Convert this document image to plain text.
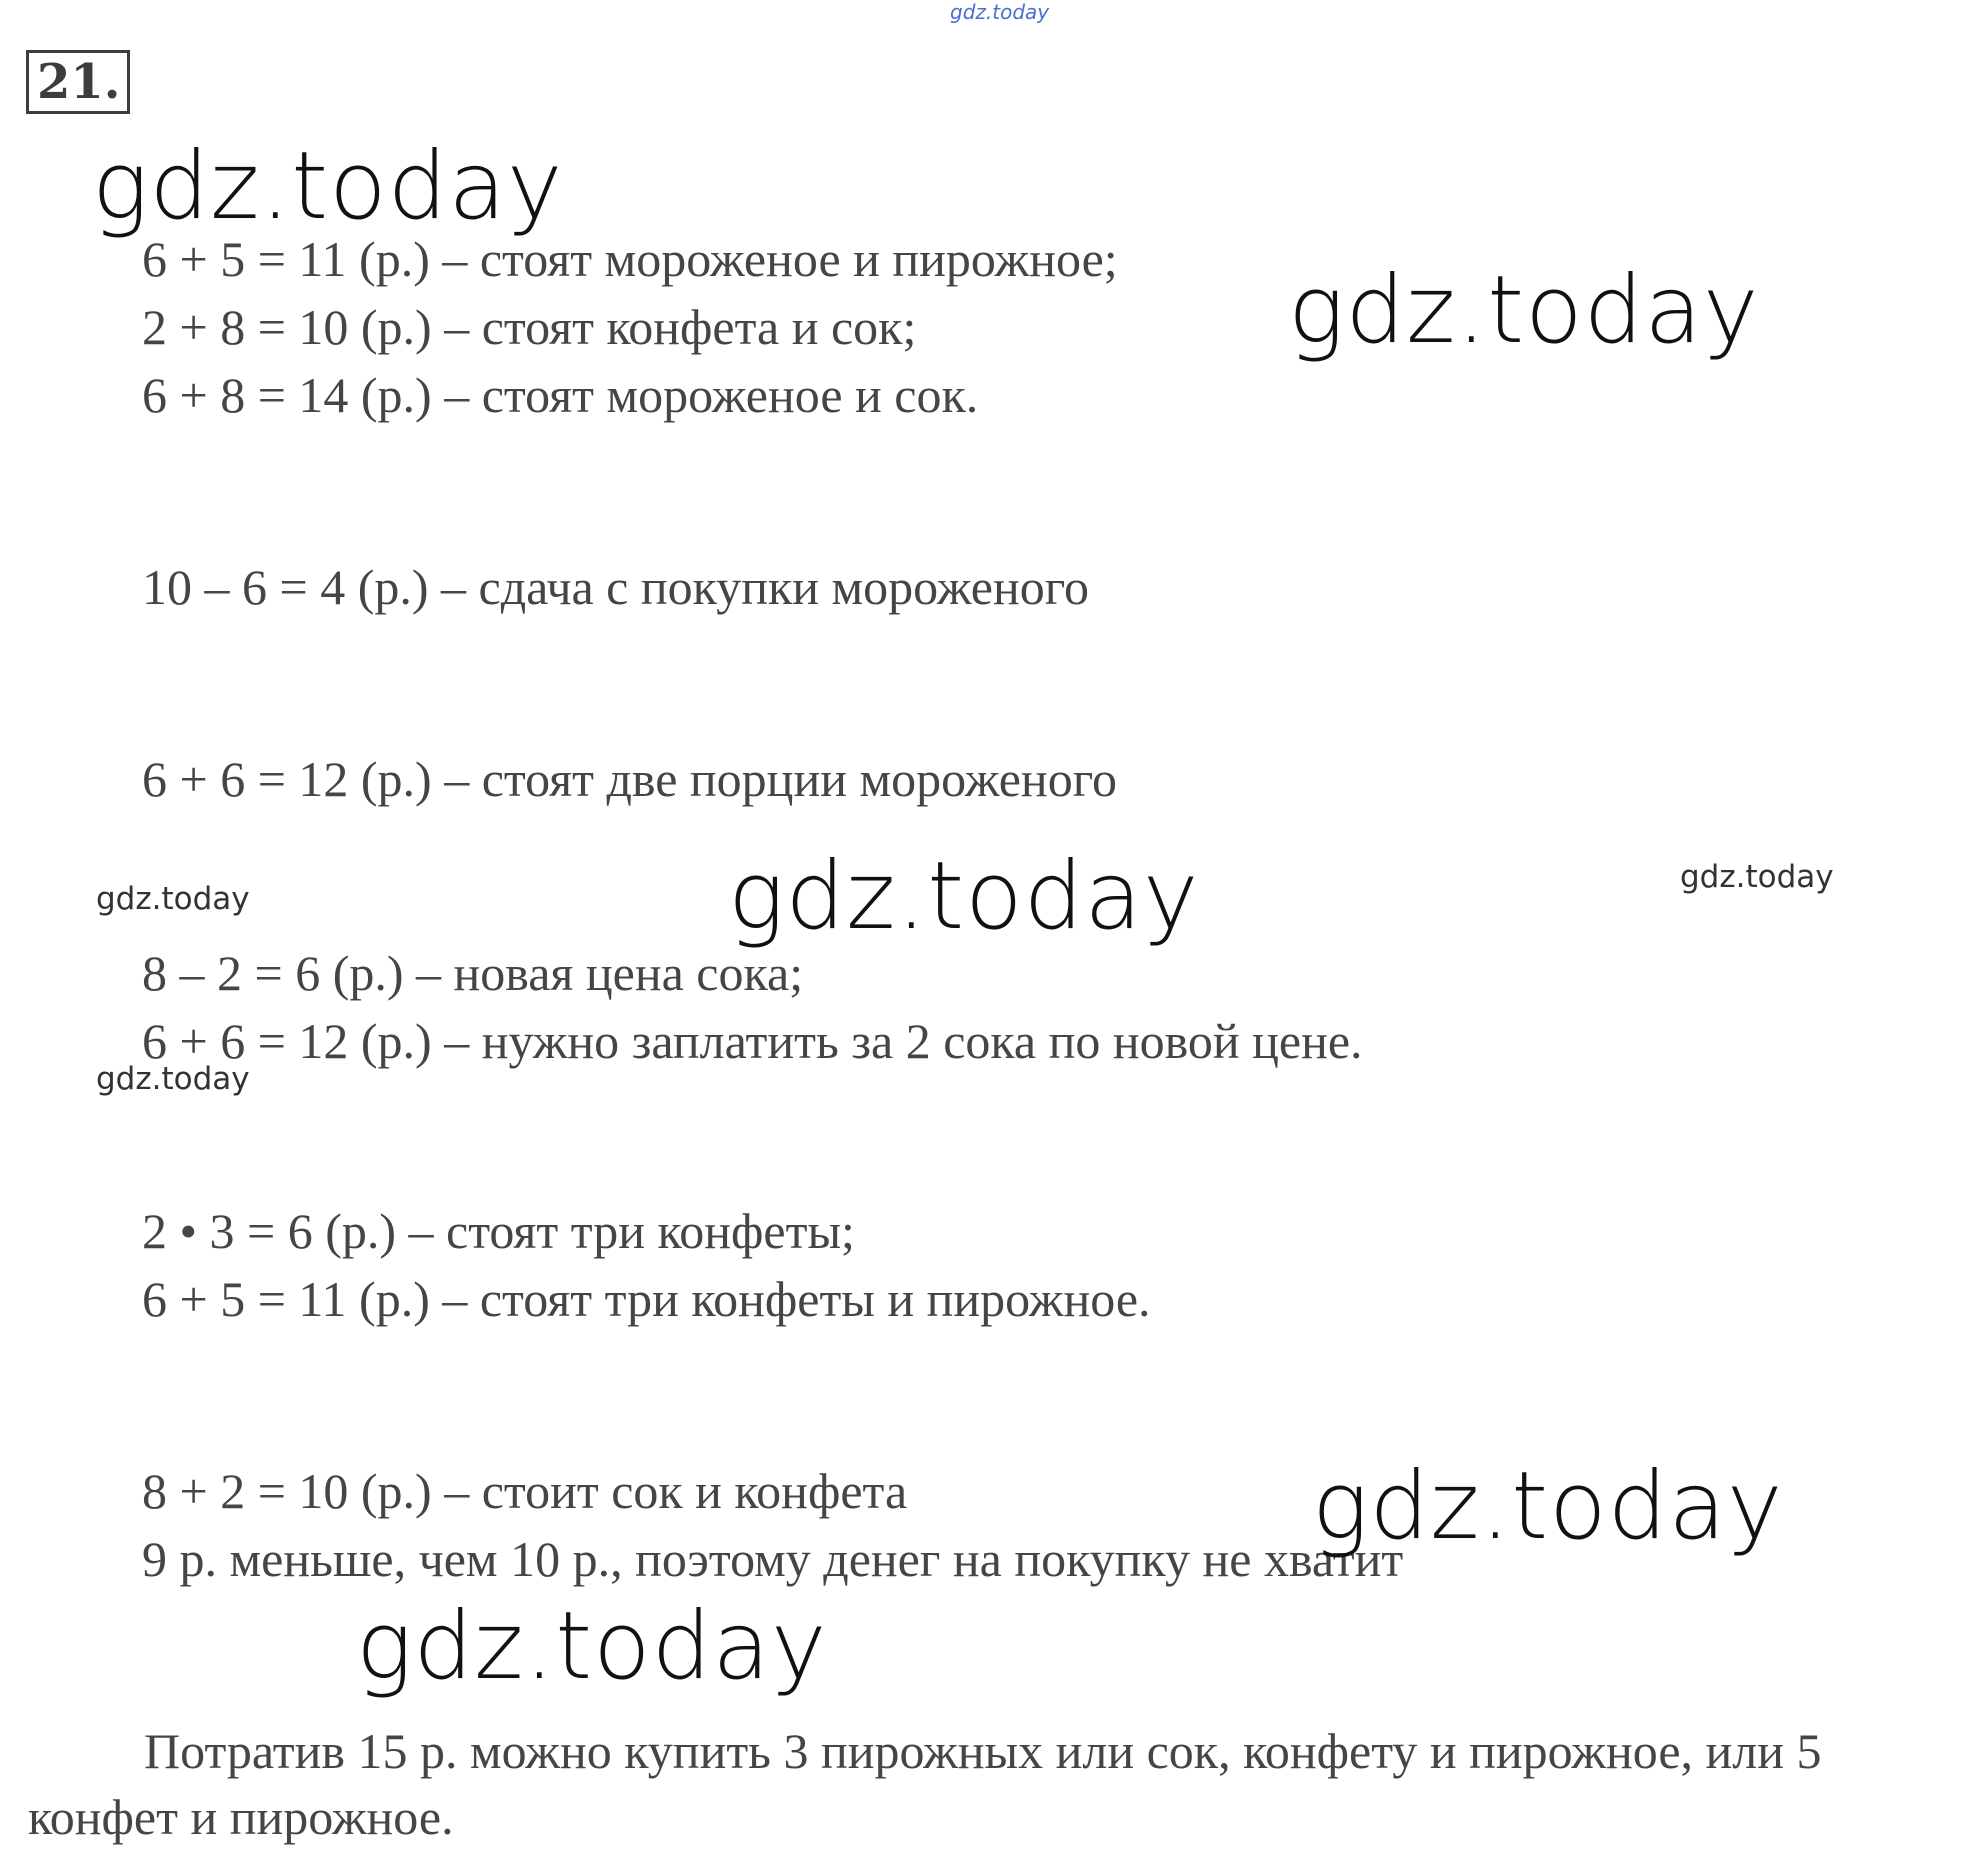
gdz.today
21.
gdz.today
6 + 5 = 11 (р.) – стоят мороженое и пирожное;
2 + 8 = 10 (р.) – стоят конфета и сок;
6 + 8 = 14 (р.) – стоят мороженое и сок.
gdz.today
10 – 6 = 4 (р.) – сдача с покупки мороженого
6 + 6 = 12 (р.) – стоят две порции мороженого
gdz.today	gdz.today	gdz.today
8 – 2 = 6 (р.) – новая цена сока;
6 + 6 = 12 (р.) – нужно заплатить за 2 сока по новой цене.
gdz.today
2 • 3 = 6 (р.) – стоят три конфеты;
6 + 5 = 11 (р.) – стоят три конфеты и пирожное.
8 + 2 = 10 (р.) – стоит сок и конфета
9 р. меньше, чем 10 р., поэтому денег на покупку не хватит
gdz.today
gdz.today
Потратив 15 р. можно купить 3 пирожных или сок, конфету и пирожное, или 5 конфет и пирожное.
